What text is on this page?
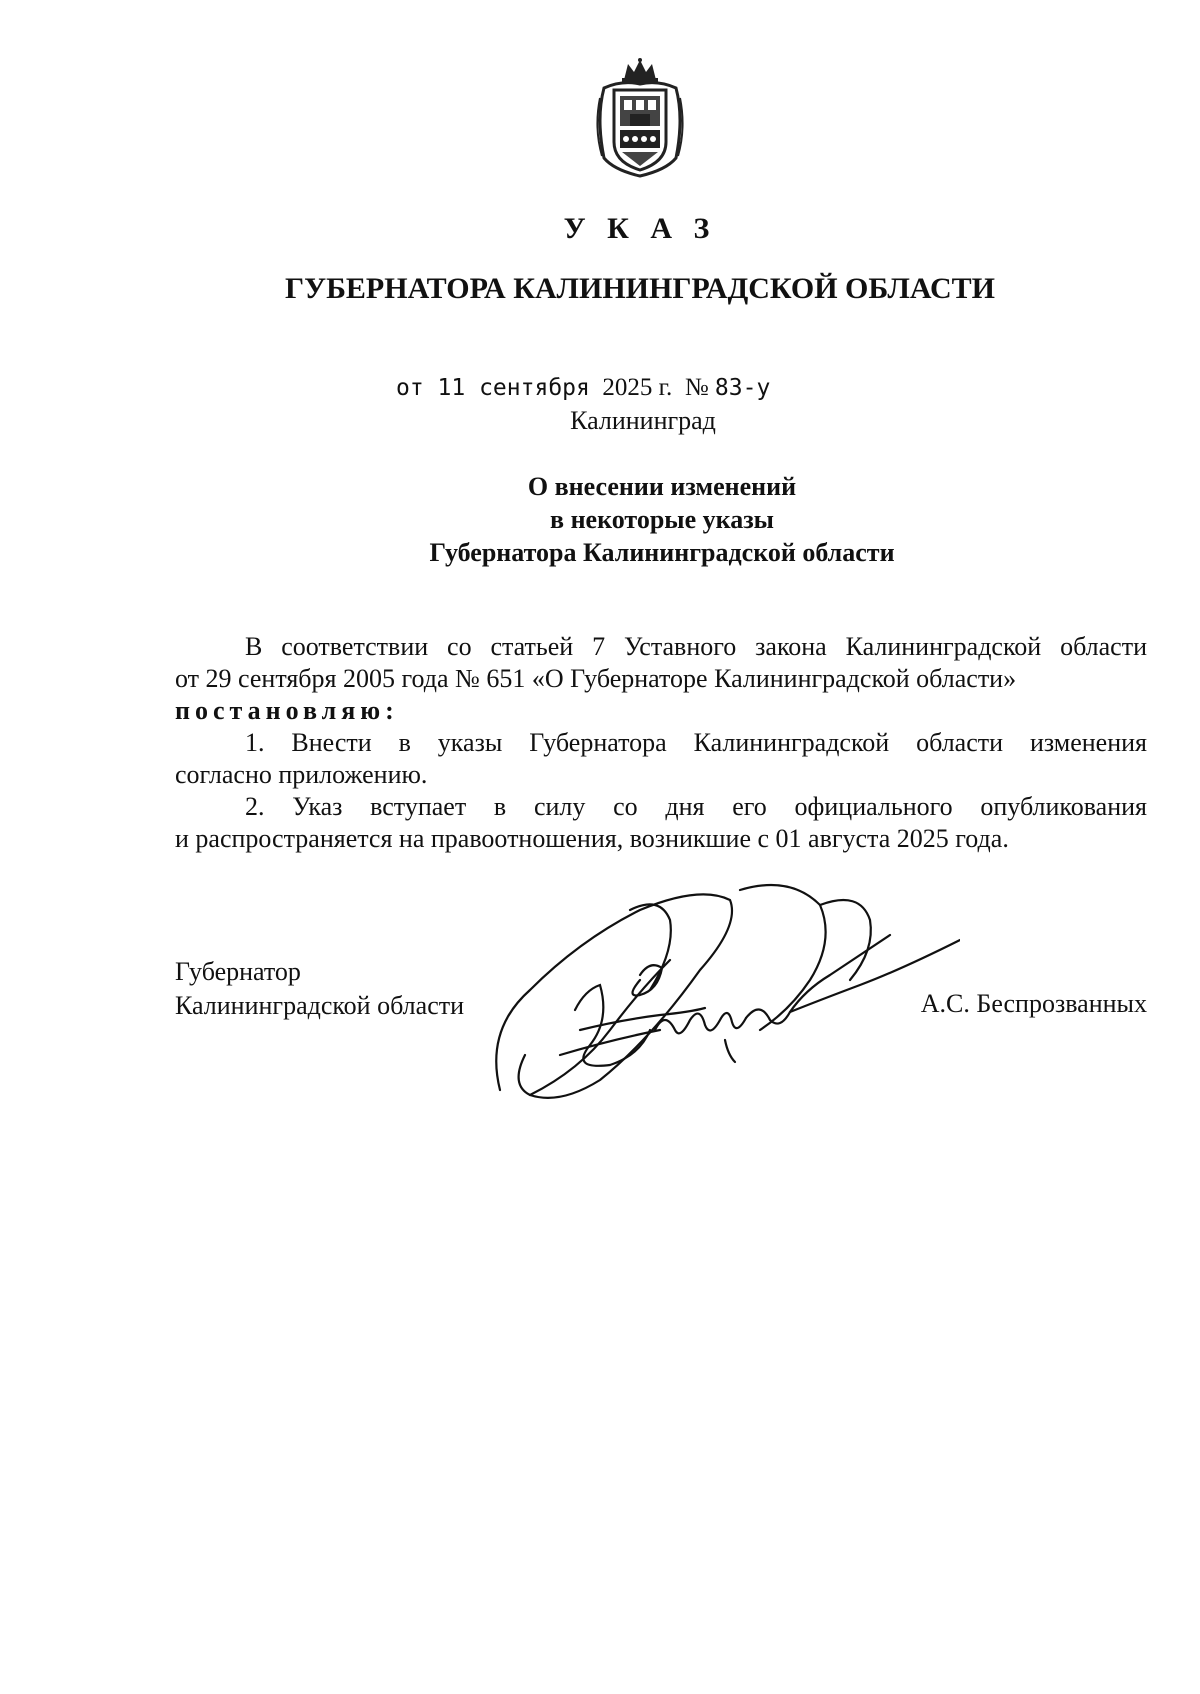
У К А З
ГУБЕРНАТОРА КАЛИНИНГРАДСКОЙ ОБЛАСТИ
от 11 сентября 2025 г. № 83-у
Калининград
О внесении изменений
в некоторые указы
Губернатора Калининградской области

В соответствии со статьей 7 Уставного закона Калининградской области

от 29 сентября 2005 года № 651 «О Губернаторе Калининградской области»

постановляю:

1. Внести в указы Губернатора Калининградской области изменения

согласно приложению.

2. Указ вступает в силу со дня его официального опубликования

и распространяется на правоотношения, возникшие с 01 августа 2025 года.

Губернатор
Калининградской области	А.С. Беспрозванных
